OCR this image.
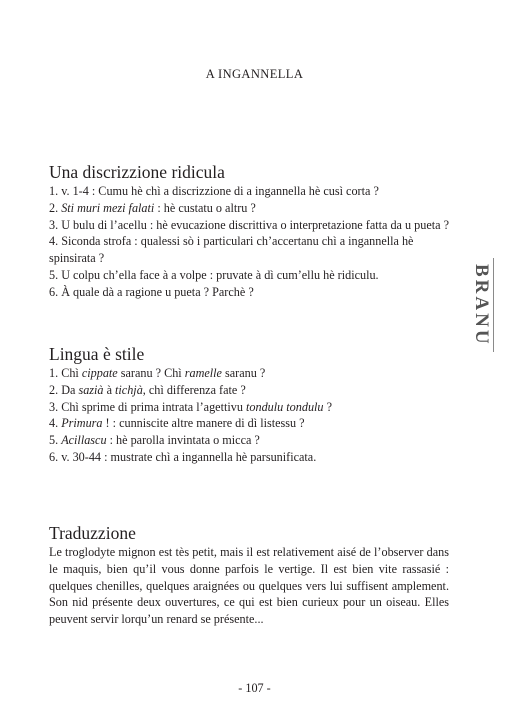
A INGANNELLA
Una discrizzione ridicula
1. v. 1-4 : Cumu hè chì a discrizzione di a ingannella hè cusì corta ?
2. Sti muri mezi falati : hè custatu o altru ?
3. U bulu di l’acellu : hè evucazione discrittiva o interpretazione fatta da u pueta ?
4. Siconda strofa : qualessi sò i particulari ch’accertanu chì a ingannella hè spinsirata ?
5. U colpu ch’ella face à a volpe : pruvate à dì cum’ellu hè ridiculu.
6. À quale dà a ragione u pueta ? Parchè ?
Lingua è stile
1. Chì cippate saranu ? Chì ramelle saranu ?
2. Da sazià à tichjà, chì differenza fate ?
3. Chì sprime di prima intrata l’agettivu tondulu tondulu ?
4. Primura ! : cunniscite altre manere di dì listessu ?
5. Acillascu : hè parolla invintata o micca ?
6. v. 30-44 : mustrate chì a ingannella hè parsunificata.
Traduzzione

Le troglodyte mignon est tès petit, mais il est relativement aisé de l’observer dans le maquis, bien qu’il vous donne parfois le vertige. Il est bien vite rassasié : quelques chenilles, quelques araignées ou quelques vers lui suffisent amplement. Son nid présente deux ouvertures, ce qui est bien curieux pour un oiseau. Elles peuvent servir lorqu’un renard se présente...

BRANU
- 107 -
